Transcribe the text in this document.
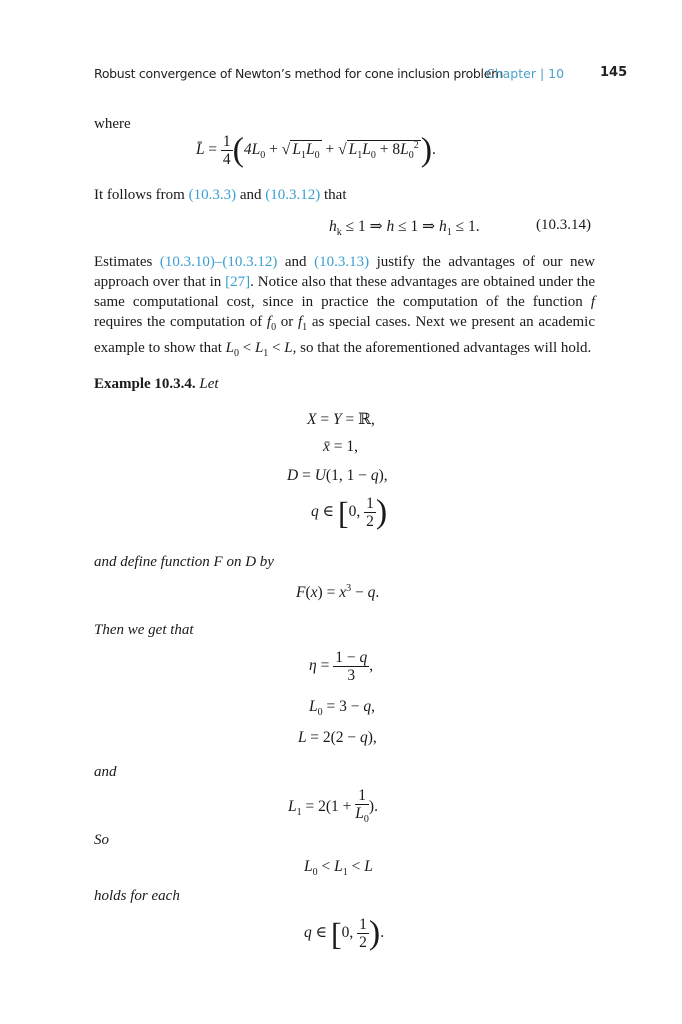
Robust convergence of Newton’s method for cone inclusion problem
Chapter | 10	145
where
L̄ = $\frac{1}{4} (4L_0$ + √ $L_1L_0$ + √ $L_1L_0 + 8L_0^2$).
It follows from (10.3.3) and (10.3.12) that
$h_k \le 1$ ⇒ h ≤ 1 ⇒ $h_1 \le 1$.	(10.3.14)
Estimates (10.3.10)–(10.3.12) and (10.3.13) justify the advantages of our new approach over that in [27]. Notice also that these advantages are obtained under the same computational cost, since in practice the computation of the function f requires the computation of $f_0$ or $f_1$ as special cases. Next we present an academic example to show that $L_0 < L_1 < L$, so that the aforementioned advantages will hold.
Example 10.3.4. Let
X = Y = ℝ,
x̄ = 1,
D = U(1, 1 − q),
q ∈ [0, $\frac{1}{2}$ )
and define function F on D by
$F(x) = x^3 - q$.
Then we get that
$\eta = \frac{1 - q}{3}$ ,
$L_0 = 3 - q$,
L = 2(2 − q),
and
$L_1 = 2(1 + \frac{1}{L_0}$ ).
So
$L_0 < L_1 < L$
holds for each
q ∈ [0, $\frac{1}{2}$ ).
